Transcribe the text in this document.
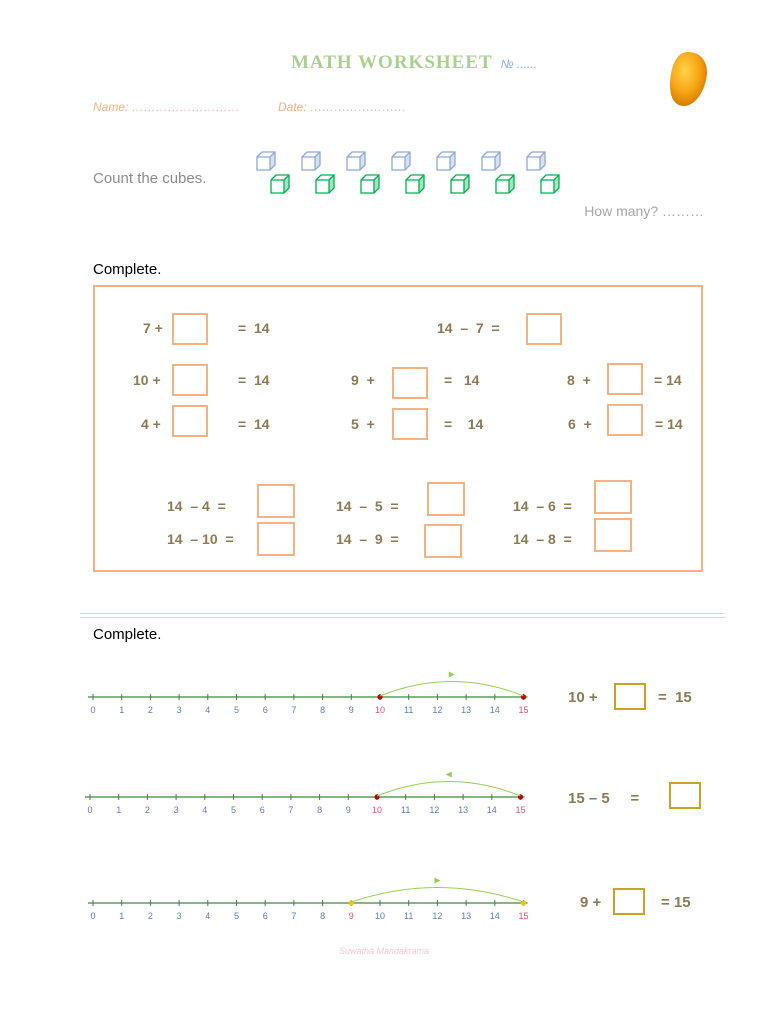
MATH WORKSHEET № ......
Name: ………………………	Date: ……………………
Count the cubes.
How many? ………
Complete.
7 +	=  14	14  –  7  =
10 +	=  14	9  +	=   14	8  +	= 14
4 +	=  14	5  +	=    14	6  +	= 14
14  – 4  =	14  –  5  =	14  – 6  =
14  – 10  =	14  –  9  =	14  – 8  =
Complete.
0	1	2	3	4	5	6	7	8	9 10 11 12 13 14 15
0	1	2	3	4	5	6	7	8	9 10 11 12 13 14 15
0	1	2	3	4	5	6	7	8	9 10 11 12 13 14 15
10 +	=  15
15 – 5     =
9 +	= 15
Suwatha Mandakrama
